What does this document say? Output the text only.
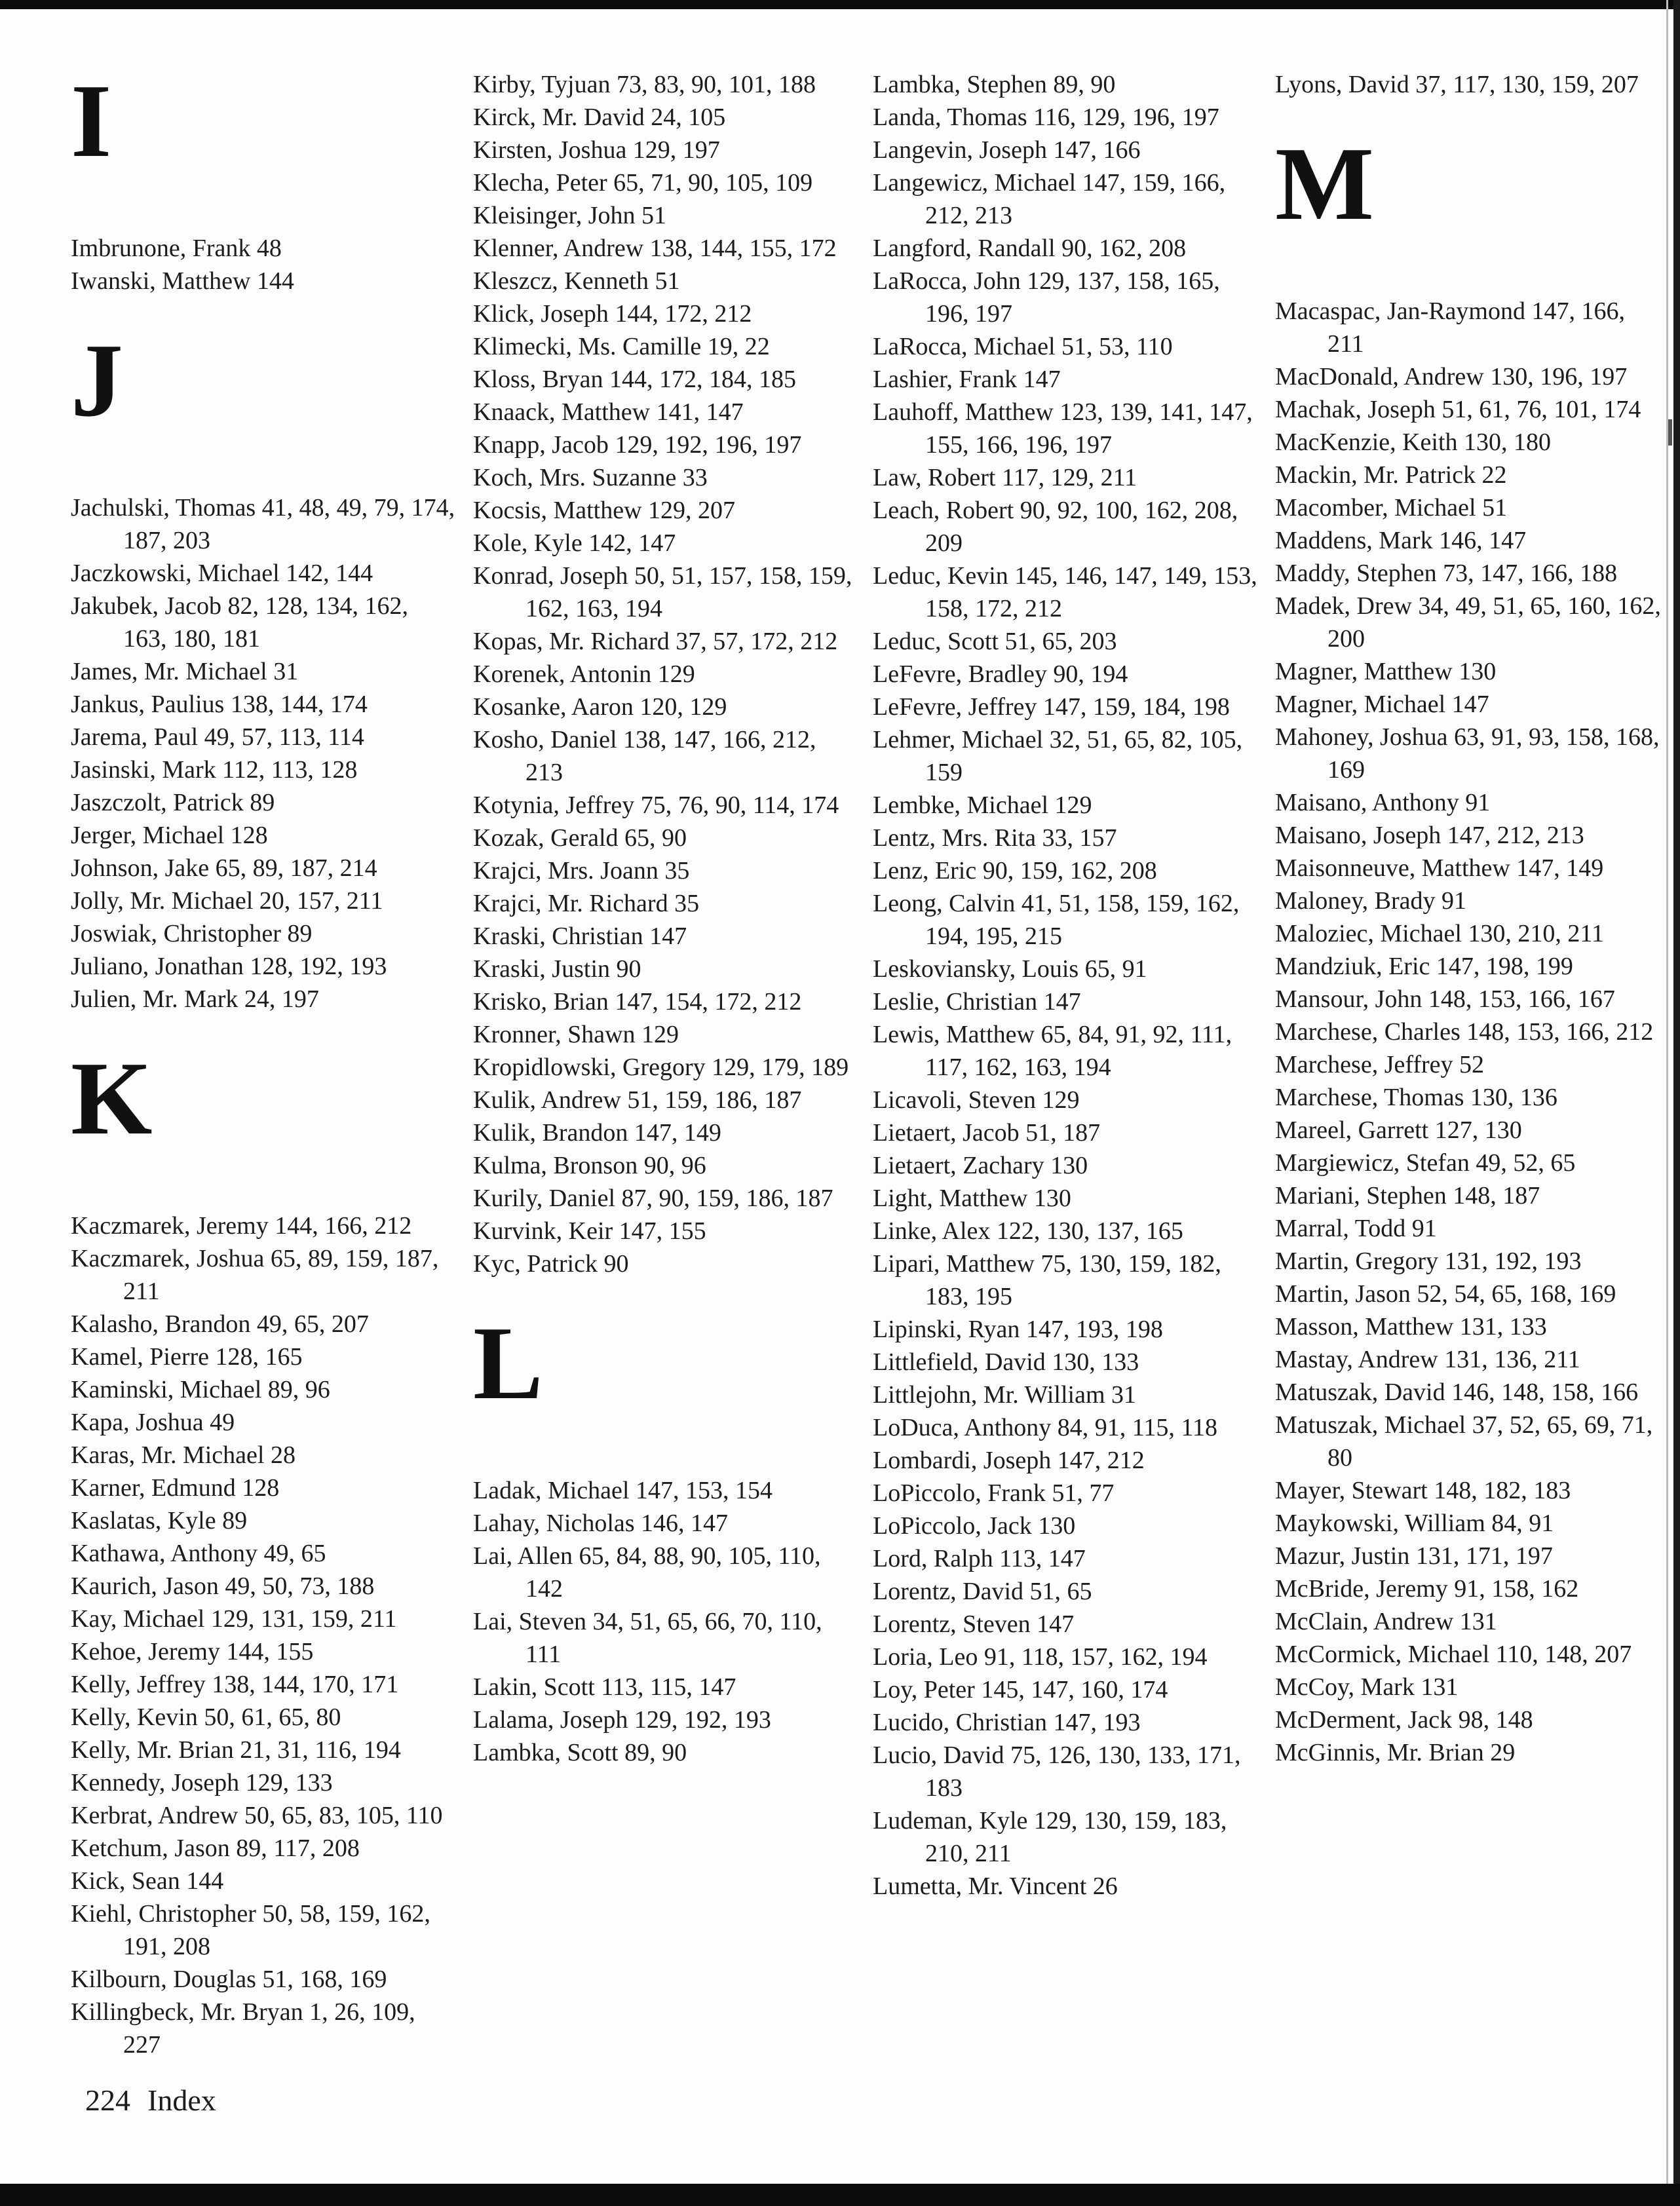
I
Imbrunone, Frank 48
Iwanski, Matthew 144
J
Jachulski, Thomas 41, 48, 49, 79, 174, 187, 203
Jaczkowski, Michael 142, 144
Jakubek, Jacob 82, 128, 134, 162, 163, 180, 181
James, Mr. Michael 31
Jankus, Paulius 138, 144, 174
Jarema, Paul 49, 57, 113, 114
Jasinski, Mark 112, 113, 128
Jaszczolt, Patrick 89
Jerger, Michael 128
Johnson, Jake 65, 89, 187, 214
Jolly, Mr. Michael 20, 157, 211
Joswiak, Christopher 89
Juliano, Jonathan 128, 192, 193
Julien, Mr. Mark 24, 197
K
Kaczmarek, Jeremy 144, 166, 212
Kaczmarek, Joshua 65, 89, 159, 187, 211
Kalasho, Brandon 49, 65, 207
Kamel, Pierre 128, 165
Kaminski, Michael 89, 96
Kapa, Joshua 49
Karas, Mr. Michael 28
Karner, Edmund 128
Kaslatas, Kyle 89
Kathawa, Anthony 49, 65
Kaurich, Jason 49, 50, 73, 188
Kay, Michael 129, 131, 159, 211
Kehoe, Jeremy 144, 155
Kelly, Jeffrey 138, 144, 170, 171
Kelly, Kevin 50, 61, 65, 80
Kelly, Mr. Brian 21, 31, 116, 194
Kennedy, Joseph 129, 133
Kerbrat, Andrew 50, 65, 83, 105, 110
Ketchum, Jason 89, 117, 208
Kick, Sean 144
Kiehl, Christopher 50, 58, 159, 162, 191, 208
Kilbourn, Douglas 51, 168, 169
Killingbeck, Mr. Bryan 1, 26, 109, 227
Kirby, Tyjuan 73, 83, 90, 101, 188
Kirck, Mr. David 24, 105
Kirsten, Joshua 129, 197
Klecha, Peter 65, 71, 90, 105, 109
Kleisinger, John 51
Klenner, Andrew 138, 144, 155, 172
Kleszcz, Kenneth 51
Klick, Joseph 144, 172, 212
Klimecki, Ms. Camille 19, 22
Kloss, Bryan 144, 172, 184, 185
Knaack, Matthew 141, 147
Knapp, Jacob 129, 192, 196, 197
Koch, Mrs. Suzanne 33
Kocsis, Matthew 129, 207
Kole, Kyle 142, 147
Konrad, Joseph 50, 51, 157, 158, 159, 162, 163, 194
Kopas, Mr. Richard 37, 57, 172, 212
Korenek, Antonin 129
Kosanke, Aaron 120, 129
Kosho, Daniel 138, 147, 166, 212, 213
Kotynia, Jeffrey 75, 76, 90, 114, 174
Kozak, Gerald 65, 90
Krajci, Mrs. Joann 35
Krajci, Mr. Richard 35
Kraski, Christian 147
Kraski, Justin 90
Krisko, Brian 147, 154, 172, 212
Kronner, Shawn 129
Kropidlowski, Gregory 129, 179, 189
Kulik, Andrew 51, 159, 186, 187
Kulik, Brandon 147, 149
Kulma, Bronson 90, 96
Kurily, Daniel 87, 90, 159, 186, 187
Kurvink, Keir 147, 155
Kyc, Patrick 90
L
Ladak, Michael 147, 153, 154
Lahay, Nicholas 146, 147
Lai, Allen 65, 84, 88, 90, 105, 110, 142
Lai, Steven 34, 51, 65, 66, 70, 110, 111
Lakin, Scott 113, 115, 147
Lalama, Joseph 129, 192, 193
Lambka, Scott 89, 90
Lambka, Stephen 89, 90
Landa, Thomas 116, 129, 196, 197
Langevin, Joseph 147, 166
Langewicz, Michael 147, 159, 166, 212, 213
Langford, Randall 90, 162, 208
LaRocca, John 129, 137, 158, 165, 196, 197
LaRocca, Michael 51, 53, 110
Lashier, Frank 147
Lauhoff, Matthew 123, 139, 141, 147, 155, 166, 196, 197
Law, Robert 117, 129, 211
Leach, Robert 90, 92, 100, 162, 208, 209
Leduc, Kevin 145, 146, 147, 149, 153, 158, 172, 212
Leduc, Scott 51, 65, 203
LeFevre, Bradley 90, 194
LeFevre, Jeffrey 147, 159, 184, 198
Lehmer, Michael 32, 51, 65, 82, 105, 159
Lembke, Michael 129
Lentz, Mrs. Rita 33, 157
Lenz, Eric 90, 159, 162, 208
Leong, Calvin 41, 51, 158, 159, 162, 194, 195, 215
Leskoviansky, Louis 65, 91
Leslie, Christian 147
Lewis, Matthew 65, 84, 91, 92, 111, 117, 162, 163, 194
Licavoli, Steven 129
Lietaert, Jacob 51, 187
Lietaert, Zachary 130
Light, Matthew 130
Linke, Alex 122, 130, 137, 165
Lipari, Matthew 75, 130, 159, 182, 183, 195
Lipinski, Ryan 147, 193, 198
Littlefield, David 130, 133
Littlejohn, Mr. William 31
LoDuca, Anthony 84, 91, 115, 118
Lombardi, Joseph 147, 212
LoPiccolo, Frank 51, 77
LoPiccolo, Jack 130
Lord, Ralph 113, 147
Lorentz, David 51, 65
Lorentz, Steven 147
Loria, Leo 91, 118, 157, 162, 194
Loy, Peter 145, 147, 160, 174
Lucido, Christian 147, 193
Lucio, David 75, 126, 130, 133, 171, 183
Ludeman, Kyle 129, 130, 159, 183, 210, 211
Lumetta, Mr. Vincent 26
Lyons, David 37, 117, 130, 159, 207
M
Macaspac, Jan-Raymond 147, 166, 211
MacDonald, Andrew 130, 196, 197
Machak, Joseph 51, 61, 76, 101, 174
MacKenzie, Keith 130, 180
Mackin, Mr. Patrick 22
Macomber, Michael 51
Maddens, Mark 146, 147
Maddy, Stephen 73, 147, 166, 188
Madek, Drew 34, 49, 51, 65, 160, 162, 200
Magner, Matthew 130
Magner, Michael 147
Mahoney, Joshua 63, 91, 93, 158, 168, 169
Maisano, Anthony 91
Maisano, Joseph 147, 212, 213
Maisonneuve, Matthew 147, 149
Maloney, Brady 91
Maloziec, Michael 130, 210, 211
Mandziuk, Eric 147, 198, 199
Mansour, John 148, 153, 166, 167
Marchese, Charles 148, 153, 166, 212
Marchese, Jeffrey 52
Marchese, Thomas 130, 136
Mareel, Garrett 127, 130
Margiewicz, Stefan 49, 52, 65
Mariani, Stephen 148, 187
Marral, Todd 91
Martin, Gregory 131, 192, 193
Martin, Jason 52, 54, 65, 168, 169
Masson, Matthew 131, 133
Mastay, Andrew 131, 136, 211
Matuszak, David 146, 148, 158, 166
Matuszak, Michael 37, 52, 65, 69, 71, 80
Mayer, Stewart 148, 182, 183
Maykowski, William 84, 91
Mazur, Justin 131, 171, 197
McBride, Jeremy 91, 158, 162
McClain, Andrew 131
McCormick, Michael 110, 148, 207
McCoy, Mark 131
McDerment, Jack 98, 148
McGinnis, Mr. Brian 29
224 Index
